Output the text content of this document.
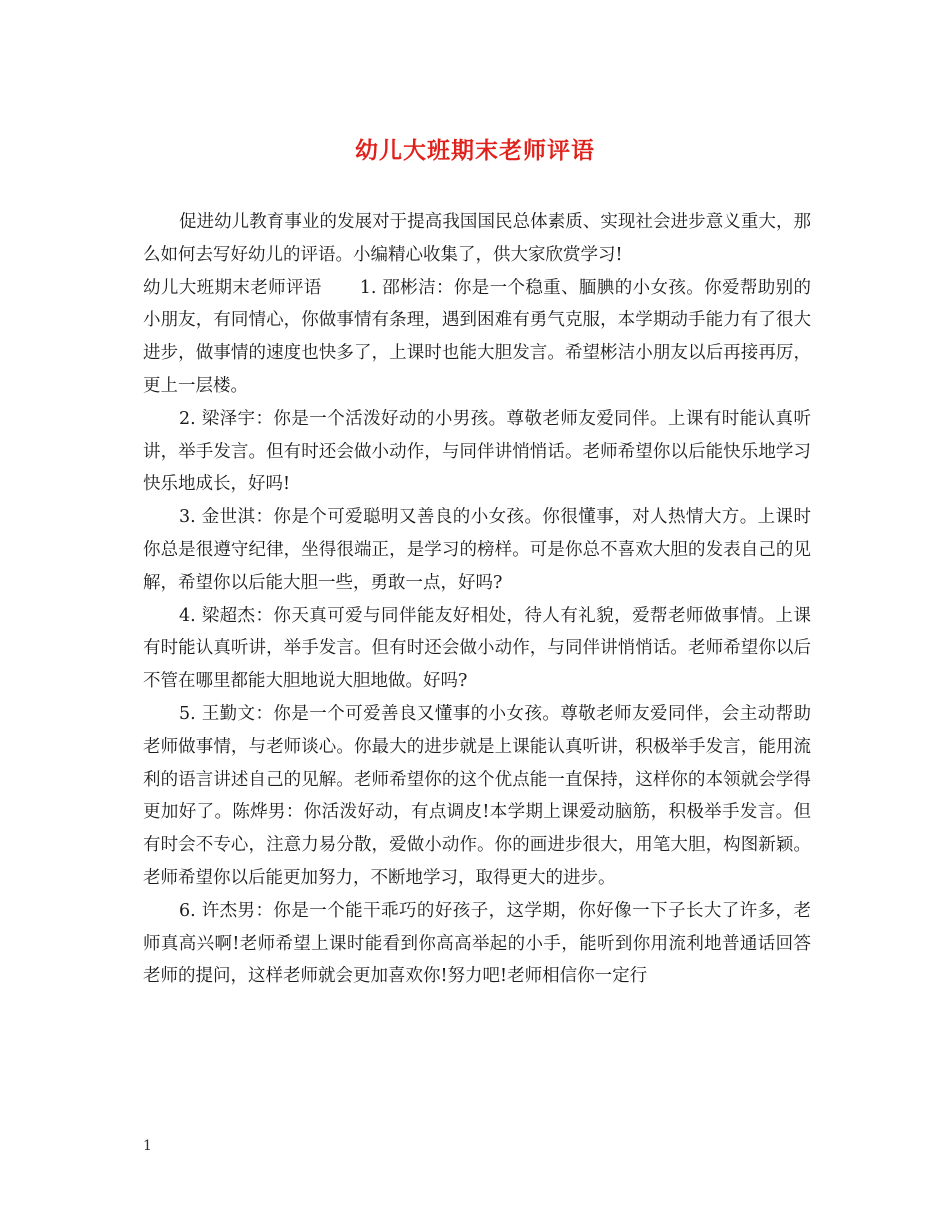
幼儿大班期末老师评语

促进幼儿教育事业的发展对于提高我国国民总体素质、实现社会进步意义重大，那么如何去写好幼儿的评语。小编精心收集了，供大家欣赏学习!

幼儿大班期末老师评语 1. 邵彬洁：你是一个稳重、腼腆的小女孩。你爱帮助别的小朋友，有同情心，你做事情有条理，遇到困难有勇气克服，本学期动手能力有了很大进步，做事情的速度也快多了，上课时也能大胆发言。希望彬洁小朋友以后再接再厉，更上一层楼。

2. 梁泽宇：你是一个活泼好动的小男孩。尊敬老师友爱同伴。上课有时能认真听讲，举手发言。但有时还会做小动作，与同伴讲悄悄话。老师希望你以后能快乐地学习快乐地成长，好吗!

3. 金世淇：你是个可爱聪明又善良的小女孩。你很懂事，对人热情大方。上课时你总是很遵守纪律，坐得很端正，是学习的榜样。可是你总不喜欢大胆的发表自己的见解，希望你以后能大胆一些，勇敢一点，好吗?

4. 梁超杰：你天真可爱与同伴能友好相处，待人有礼貌，爱帮老师做事情。上课有时能认真听讲，举手发言。但有时还会做小动作，与同伴讲悄悄话。老师希望你以后不管在哪里都能大胆地说大胆地做。好吗?

5. 王勤文：你是一个可爱善良又懂事的小女孩。尊敬老师友爱同伴，会主动帮助老师做事情，与老师谈心。你最大的进步就是上课能认真听讲，积极举手发言，能用流利的语言讲述自己的见解。老师希望你的这个优点能一直保持，这样你的本领就会学得更加好了。陈烨男：你活泼好动，有点调皮!本学期上课爱动脑筋，积极举手发言。但有时会不专心，注意力易分散，爱做小动作。你的画进步很大，用笔大胆，构图新颖。老师希望你以后能更加努力，不断地学习，取得更大的进步。

6. 许杰男：你是一个能干乖巧的好孩子，这学期，你好像一下子长大了许多，老师真高兴啊!老师希望上课时能看到你高高举起的小手，能听到你用流利地普通话回答老师的提问，这样老师就会更加喜欢你!努力吧!老师相信你一定行

1
